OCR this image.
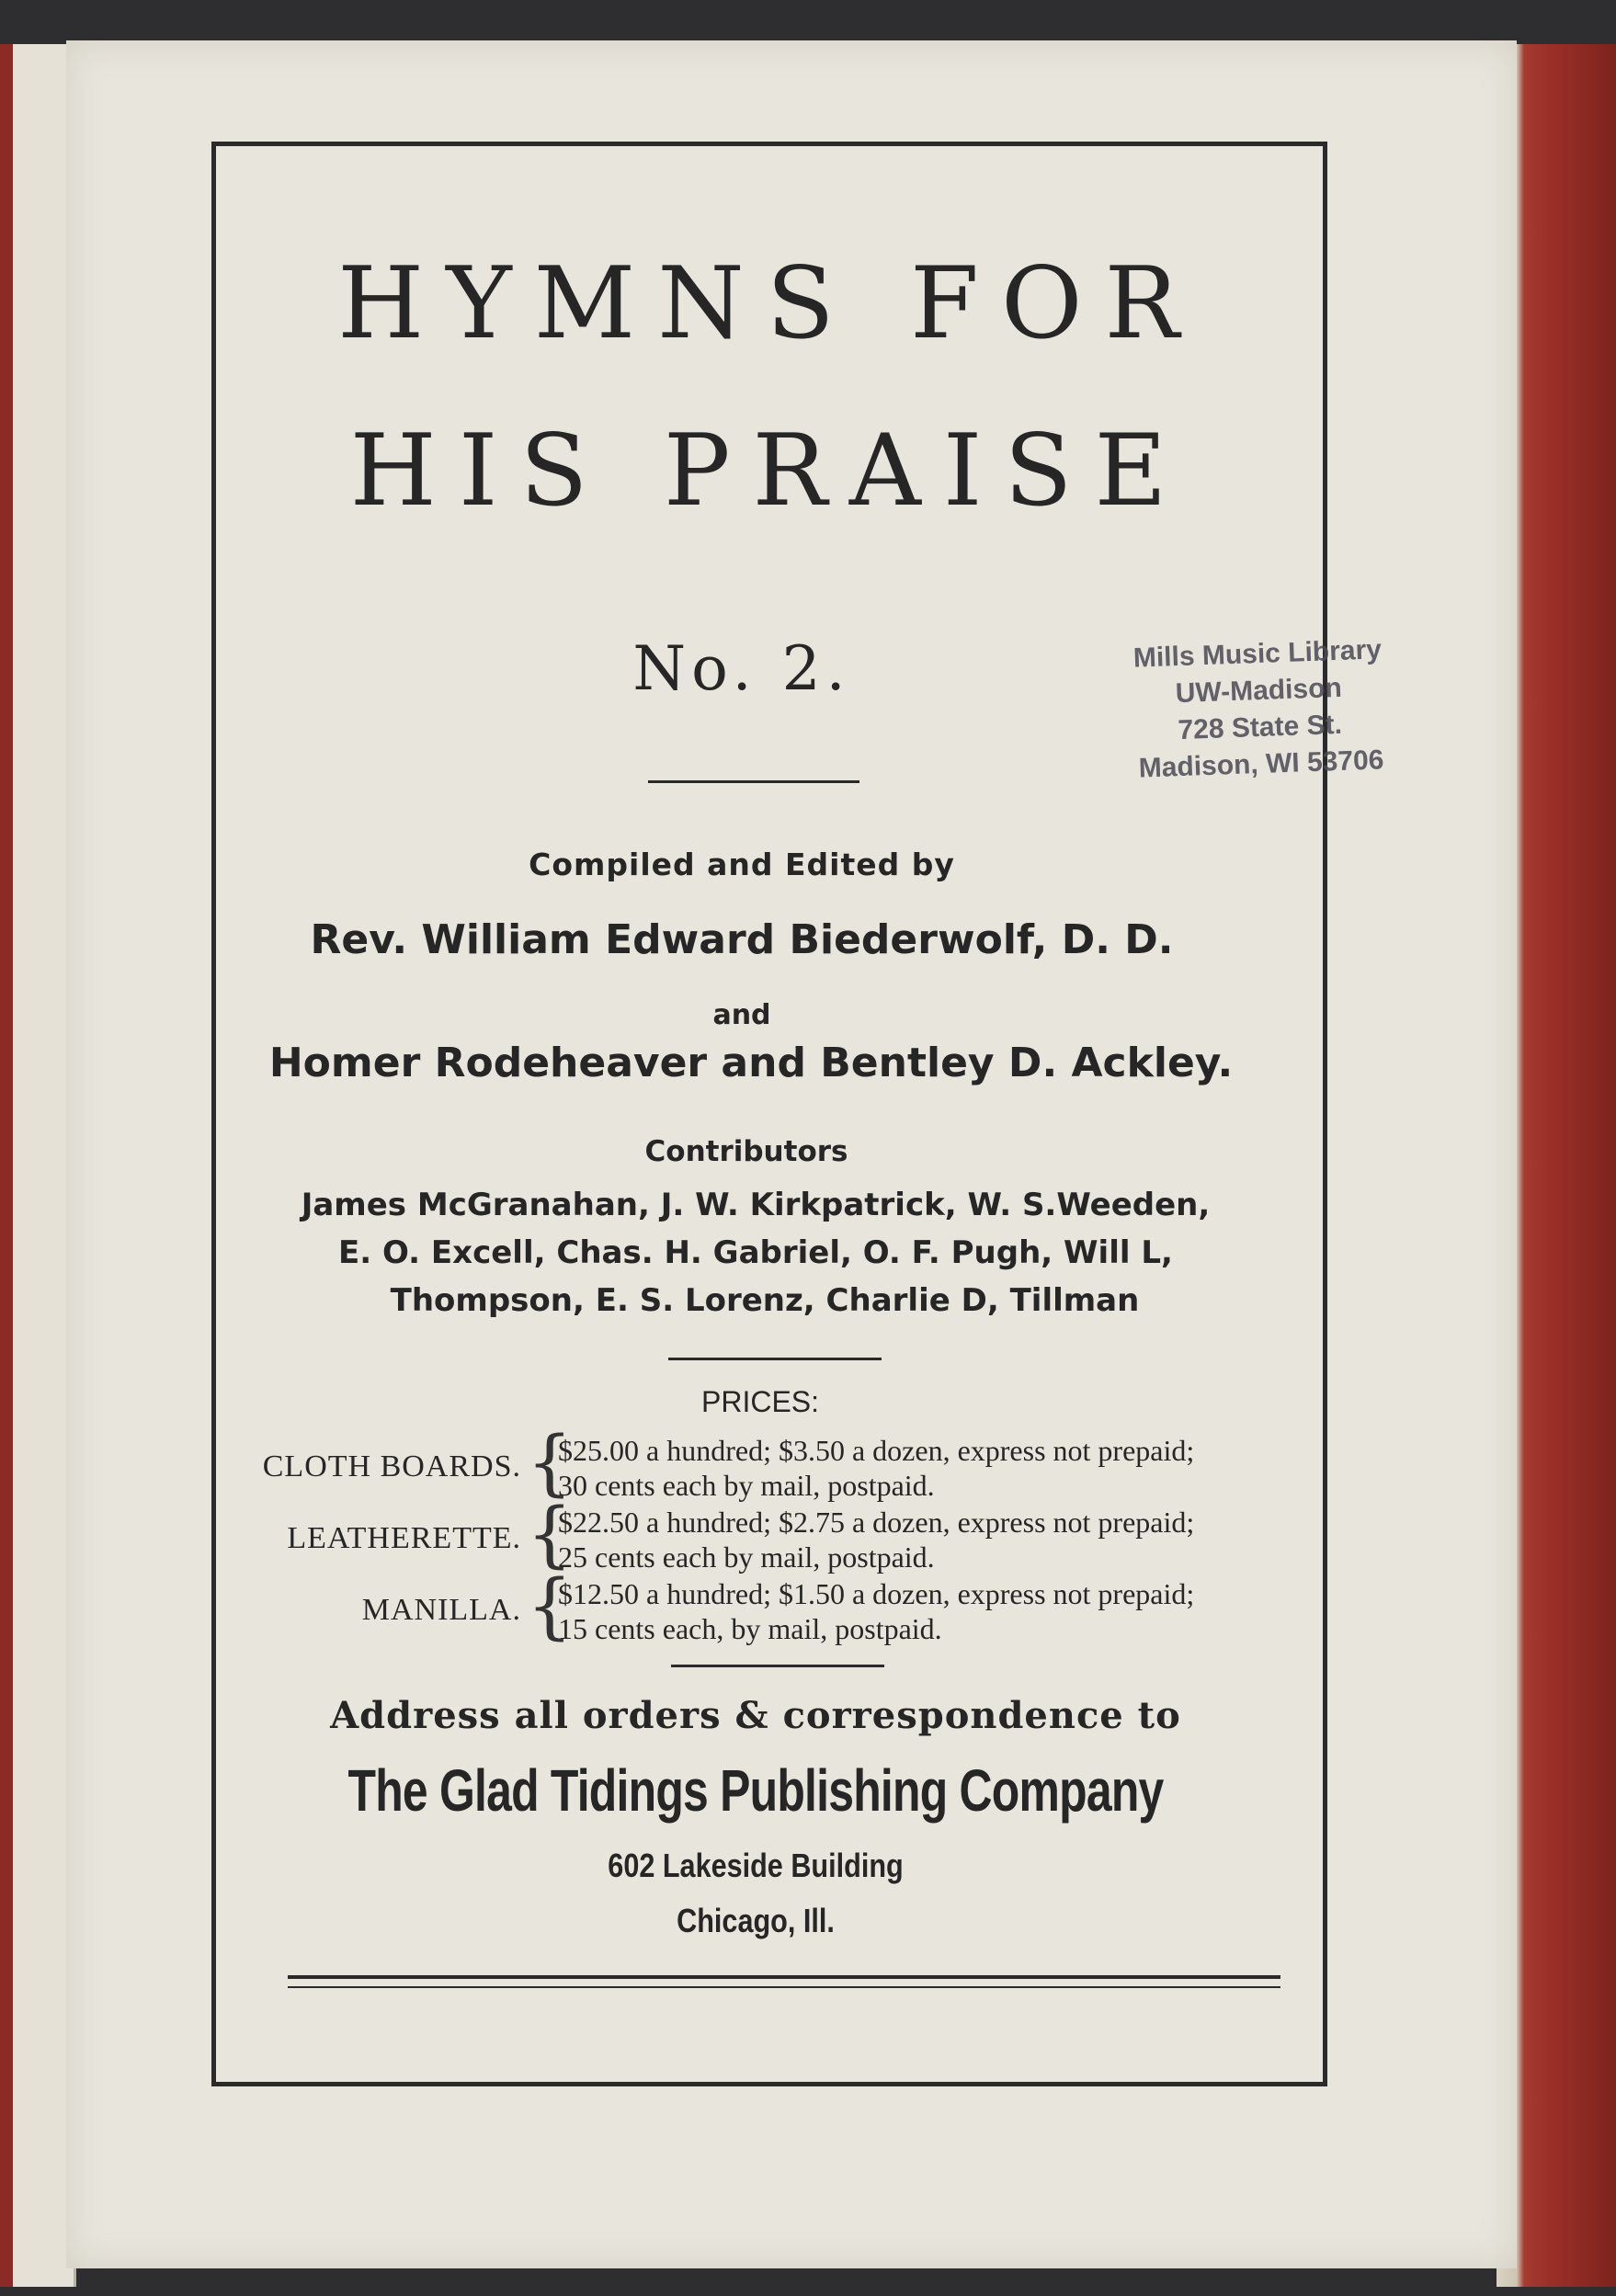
HYMNS FOR
HIS PRAISE
No. 2.
Compiled and Edited by
Rev. William Edward Biederwolf, D. D.
and
Homer Rodeheaver and Bentley D. Ackley.
Contributors
James McGranahan, J. W. Kirkpatrick, W. S.Weeden,
E. O. Excell, Chas. H. Gabriel, O. F. Pugh, Will L,
Thompson, E. S. Lorenz, Charlie D, Tillman
PRICES:
CLOTH BOARDS. {
$25.00 a hundred; $3.50 a dozen, express not prepaid;
30 cents each by mail, postpaid.
LEATHERETTE. {
$22.50 a hundred; $2.75 a dozen, express not prepaid;
25 cents each by mail, postpaid.
MANILLA. {
$12.50 a hundred; $1.50 a dozen, express not prepaid;
15 cents each, by mail, postpaid.
Address all orders & correspondence to
The Glad Tidings Publishing Company
602 Lakeside Building
Chicago, Ill.
Mills Music Library
UW-Madison
728 State St.
Madison, WI 53706
